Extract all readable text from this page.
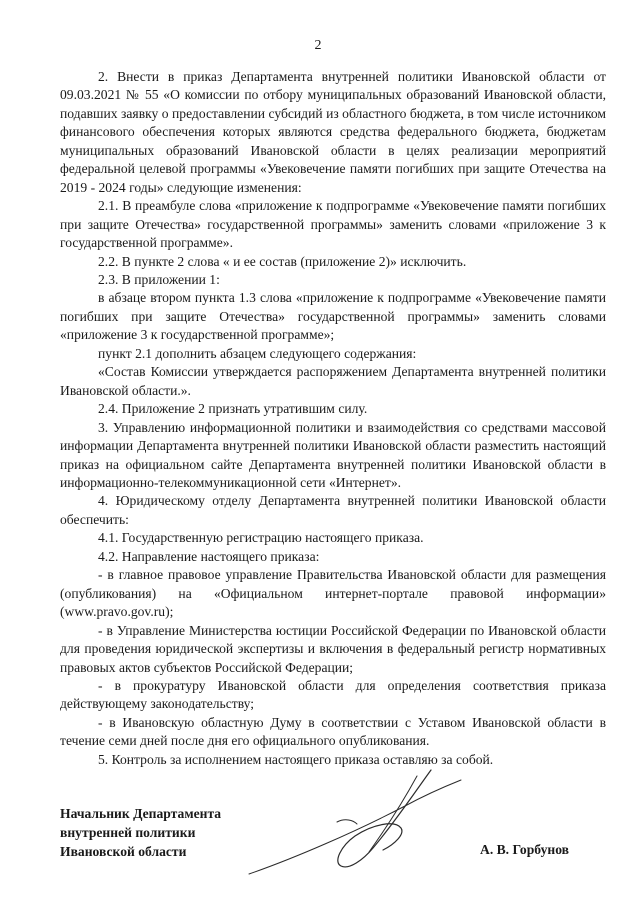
2

2. Внести в приказ Департамента внутренней политики Ивановской области от 09.03.2021 № 55 «О комиссии по отбору муниципальных образований Ивановской области, подавших заявку о предоставлении субсидий из областного бюджета, в том числе источником финансового обеспечения которых являются средства федерального бюджета, бюджетам муниципальных образований Ивановской области в целях реализации мероприятий федеральной целевой программы «Увековечение памяти погибших при защите Отечества на 2019 - 2024 годы» следующие изменения:

2.1. В преамбуле слова «приложение к подпрограмме «Увековечение памяти погибших при защите Отечества» государственной программы» заменить словами «приложение 3 к государственной программе».

2.2. В пункте 2 слова « и ее состав (приложение 2)» исключить.

2.3. В приложении 1:

в абзаце втором пункта 1.3 слова «приложение к подпрограмме «Увековечение памяти погибших при защите Отечества» государственной программы» заменить словами «приложение 3 к государственной программе»;

пункт 2.1 дополнить абзацем следующего содержания:

«Состав Комиссии утверждается распоряжением Департамента внутренней политики Ивановской области.».

2.4. Приложение 2 признать утратившим силу.

3. Управлению информационной политики и взаимодействия со средствами массовой информации Департамента внутренней политики Ивановской области разместить настоящий приказ на официальном сайте Департамента внутренней политики Ивановской области в информационно-телекоммуникационной сети «Интернет».

4. Юридическому отделу Департамента внутренней политики Ивановской области обеспечить:

4.1. Государственную регистрацию настоящего приказа.

4.2. Направление настоящего приказа:

- в главное правовое управление Правительства Ивановской области для размещения (опубликования) на «Официальном интернет-портале правовой информации» (www.pravo.gov.ru);

- в Управление Министерства юстиции Российской Федерации по Ивановской области для проведения юридической экспертизы и включения в федеральный регистр нормативных правовых актов субъектов Российской Федерации;

- в прокуратуру Ивановской области для определения соответствия приказа действующему законодательству;

- в Ивановскую областную Думу в соответствии с Уставом Ивановской области в течение семи дней после дня его официального опубликования.

5. Контроль за исполнением настоящего приказа оставляю за собой.

Начальник Департамента
внутренней политики
Ивановской области	А. В. Горбунов
